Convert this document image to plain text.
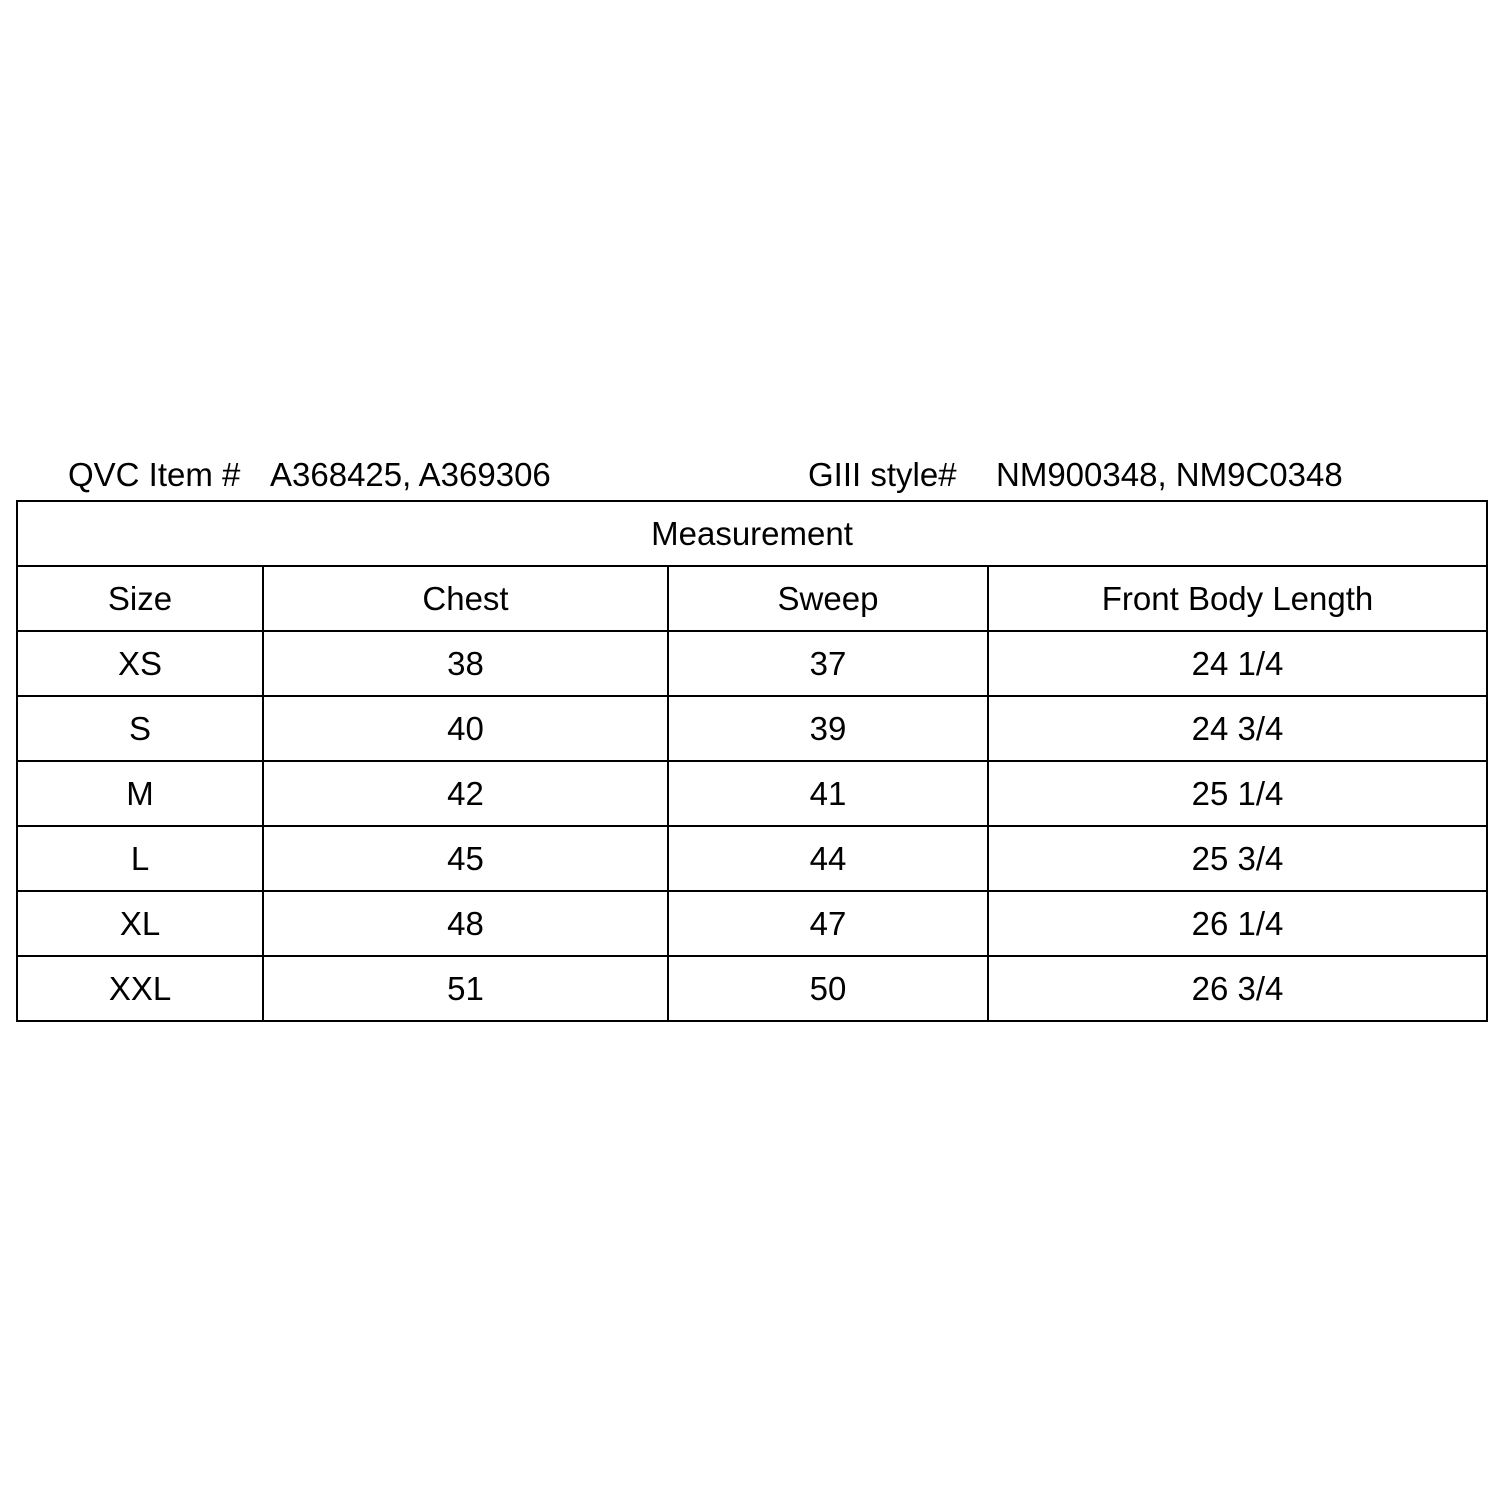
QVC Item # A368425, A369306	GIII style# NM900348, NM9C0348
Measurement			
Size	Chest	Sweep	Front Body Length
XS	38	37	24 1/4
S	40	39	24 3/4
M	42	41	25 1/4
L	45	44	25 3/4
XL	48	47	26 1/4
XXL	51	50	26 3/4
